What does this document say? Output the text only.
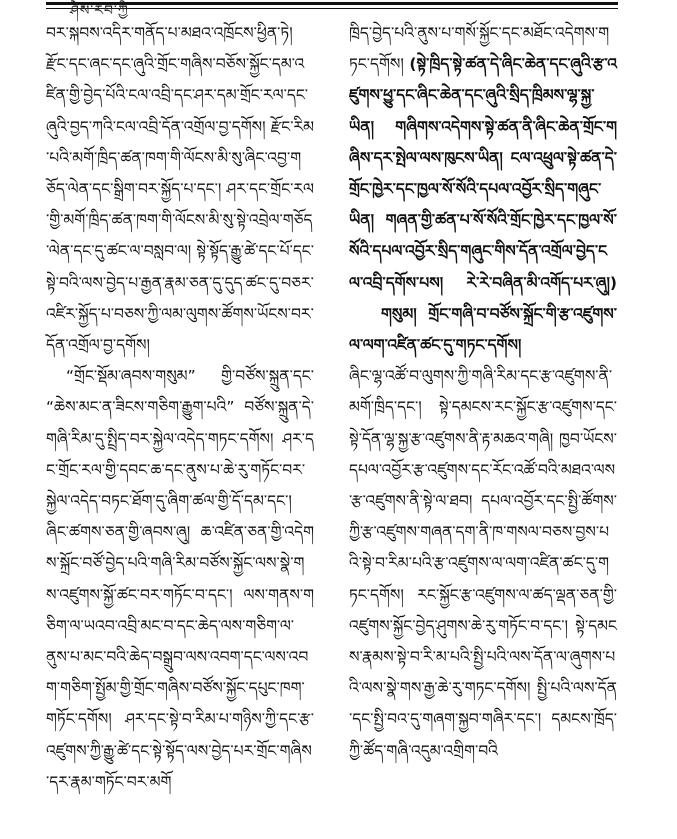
ཤེས་རབ་ཀྱི

བར་སྐབས་འདིར་གནོད་པ་མཐའ་འཁྲོངས་ཕྱིན་ཏེ། རྫོང་དང་ཞང་དང་ཞུའི་གྲོང་གཞིས་བཅོས་སྐྱོང་དམ་འཛིན་གྱི་བྱེད་པོའི་ངལ་འབྲི་དང་ཤར་དམ་གྲོང་རལ་དང་ཞུའི་བྱད་ཀའི་ངལ་འབྲི་དོན་འགྲོལ་བྱ་དགོས། རྫོང་རིམ་པའི་མགོ་ཁྲིད་ཚན་ཁག་གི་ལོངས་མི་སུ་ཞིང་འབྱ་གཅོད་ལེན་དང་སྒྲིག་བར་སྐྱོད་པ་དང་། ཤར་དང་གྲོང་རལ་གྱི་མགོ་ཁྲིད་ཚན་ཁག་གི་ལོངས་མི་སུ་སྟེ་འབྲེལ་གཅོད་ལེན་དང་དུ་ཚང་ལ་བསླབ་ལ། སྟེ་སྟོད་རྒྱུ་ཚེ་དང་པོ་དང་སྟེ་བའི་ལས་བྱེད་པ་རྒྱན་རྣམ་ཅན་དུ་དུད་ཚང་དུ་བཅར་འཛིར་སྐྱོད་པ་བཅས་ཀྱི་ལམ་ལུགས་ཚོགས་ཡོངས་བར་དོན་འགྲོལ་བྱ་དགོས།

“གྲོང་སྡོམ་ཞབས་གསུམ” གྱི་བཙོས་སྐྲུན་དང་ “ཆེས་མང་ན་ཟིངས་གཅིག་རྒྱུག་པའི” བཙོས་སྐྲུན་དེ་གཞི་རིམ་དུ་སྤྲིད་བར་སྐྱེལ་འདེད་གཏང་དགོས། ཤར་དང་གྲོང་རལ་གྱི་དབང་ཆ་དང་ནུས་པ་ཆེ་རུ་གཏོང་བར་སྐྱེལ་འདེད་བཏང་ཐོག་དུ་ཞིག་ཚལ་གྱི་དོ་དམ་དང་། ཞིང་ཚགས་ཅན་གྱི་ཞབས་ཞུ། ཆ་འཛིན་ཅན་གྱི་འདེགས་སྐྲོང་བཙོ་བྱེད་པའི་གཞི་རིམ་བཙོས་སྐྱོང་ལས་སྣེ་གས་འཛུགས་སྐྱོ་ཚང་བར་གཏོང་བ་དང་། ལས་གནས་གཅིག་ལ་ཡའབ་འབྲི་མང་བ་དང་ཆེད་ལས་གཅིག་ལ་ནུས་པ་མང་བའི་ཆེད་བསྒྲུབ་ལས་འབག་དང་ལས་འབག་གཅིག་སྤྱོམ་གྱི་གྲོང་གཞིས་བཙོས་སྐྱོང་དཔུང་ཁག་གཏོང་དགོས། ཤར་དང་སྟེ་བ་རིམ་པ་གཉིས་ཀྱི་དང་རྩ་འཛུགས་ཀྱི་རྒྱུ་ཚེ་དང་སྟེ་སྟོད་ལས་བྱེད་པར་གྲོང་གཞིས་དར་རྣམ་གཏོང་བར་མགོ

ཁྲིད་བྱེད་པའི་ནུས་པ་གསོ་སྐྱོང་དང་མཐོང་འདེགས་གཏང་དགོས། (སྟེ་ཁྲིད་སྟེ་ཚན་དེ་ཞིང་ཆེན་དང་ཞུའི་རྩ་འཛུགས་ཕྱུ་དང་ཞིང་ཆེན་དང་ཞུའི་སྲིད་ཁྲིམས་ལྷ་སྐྱ་ཡིན། གཞིགས་འདེགས་སྟེ་ཚན་ནི་ཞིང་ཆེན་གྲོང་གཞིས་དར་སྤེལ་ལས་ཁུངས་ཡིན། ངལ་འཕྲུལ་སྟེ་ཚན་དེ་གྲོང་ཁྱེར་དང་ཁྱལ་སོ་སོའི་དཔལ་འབྱོར་སྲིད་གཞུང་ཡིན། གཞན་གྱི་ཚན་པ་སོ་སོའི་གྲོང་ཁྱེར་དང་ཁྱལ་སོ་སོའི་དཔལ་འབྱོར་སྲིད་གཞུང་གིས་དོན་འགྲོལ་བྱེད་ངལ་འབྲི་དགོས་པས། རེ་རེ་བཞིན་མི་འགོད་པར་ཞུ།)

གསུམ། གྲོང་གཞི་བ་བཙོས་སྐྲོང་གི་རྩ་འཛུགས་ལ་ལག་འཛིན་ཚང་དུ་གཏང་དགོས།

ཞིང་ལྷ་འཚོ་བ་ལུགས་ཀྱི་གཞི་རིམ་དང་རྩ་འཛུགས་ནི་མགོ་ཁྲིད་དང་། སྟེ་དམངས་རང་སྐྱོང་རྩ་འཛུགས་དང་སྟེ་དོན་ལྷ་སྐྱ་རྩ་འཛུགས་ནི་རྟ་མཆའ་གཞི། ཁྱབ་ཡོངས་དཔལ་འབྱོར་རྩ་འཛུགས་དང་རོང་འཚོ་བའི་མཐའ་ལས་རྩ་འཛུགས་ནི་སྟེ་ལ་ཐབ། དཔལ་འབྱོར་དང་སྤྱི་ཚོགས་ཀྱི་རྩ་འཛུགས་གཞན་དག་ནི་ཁ་གསལ་བཅས་བྱས་པའི་སྟེ་བ་རིམ་པའི་རྩ་འཛུགས་ལ་ལག་འཛིན་ཚང་དུ་གཏང་དགོས། རང་སྐྱོང་རྩ་འཛུགས་ལ་ཚད་ལྡན་ཅན་གྱི་འཛུགས་སྐྱོང་བྱེད་ཤུགས་ཆེ་རུ་གཏོང་བ་དང་། སྟེ་དམངས་རྣམས་སྟེ་བ་རི་མ་པའི་སྤྱི་པའི་ལས་དོན་ལ་ཞུགས་པའི་ལས་སྣེ་གས་རྒྱ་ཆེ་རུ་གཏང་དགོས། སྤྱི་པའི་ལས་དོན་དང་སྤྱི་བའ་དུ་གཞག་སྐྱབ་གཞིར་དང་། དམངས་ཁྲོད་ཀྱི་ཚོད་གཞི་འདུམ་འགྲིག་བའི
